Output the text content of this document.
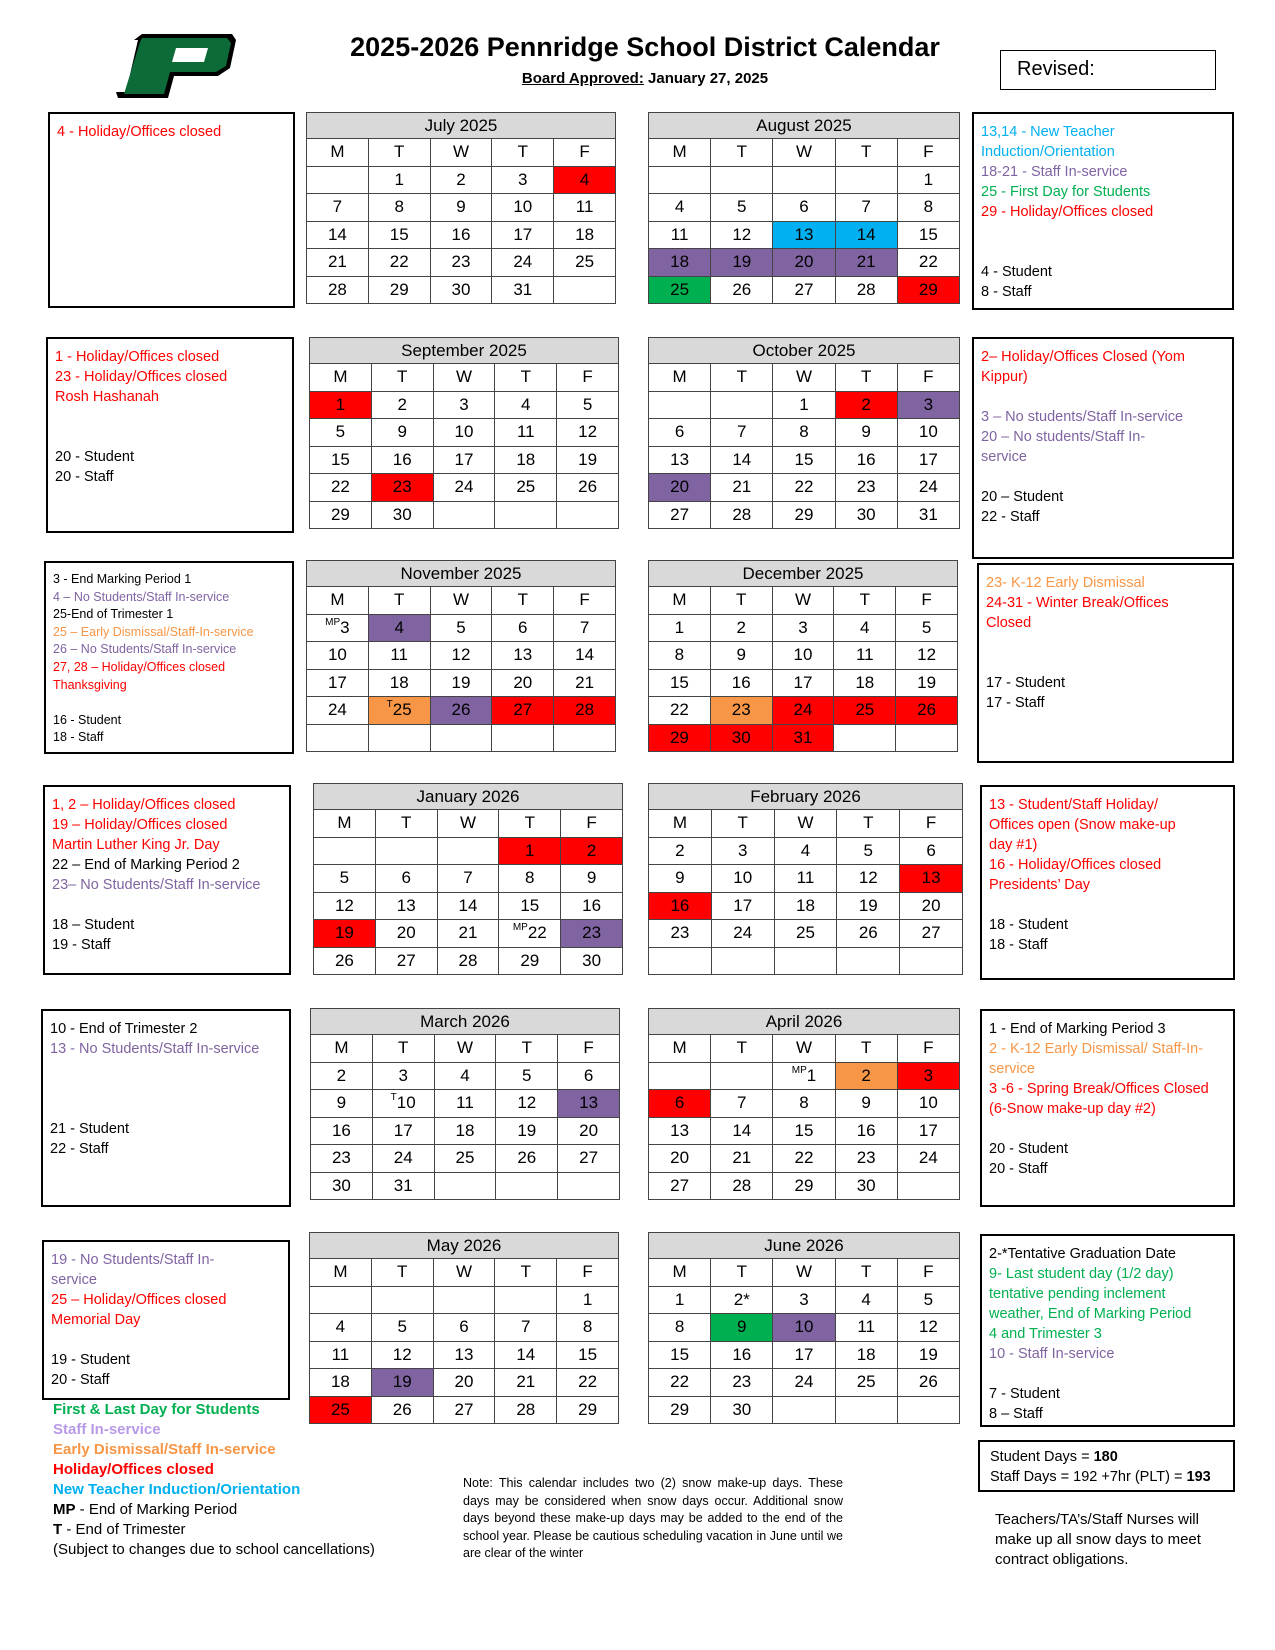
2025-2026 Pennridge School District Calendar
Board Approved: January 27, 2025	Revised:
July 2025				
M	T	W	T	F
	1	2	3	4
7	8	9	10	11
14	15	16	17	18
21	22	23	24	25
28	29	30	31	
August 2025				
M	T	W	T	F
				1
4	5	6	7	8
11	12	13	14	15
18	19	20	21	22
25	26	27	28	29
September 2025				
M	T	W	T	F
1	2	3	4	5
5	9	10	11	12
15	16	17	18	19
22	23	24	25	26
29	30			
October 2025				
M	T	W	T	F
		1	2	3
6	7	8	9	10
13	14	15	16	17
20	21	22	23	24
27	28	29	30	31
November 2025				
M	T	W	T	F
$^{MP}$3	4	5	6	7
10	11	12	13	14
17	18	19	20	21
24	$^T$25	26	27	28

December 2025				
M	T	W	T	F
1	2	3	4	5
8	9	10	11	12
15	16	17	18	19
22	23	24	25	26
29	30	31		
January 2026				
M	T	W	T	F
			1	2
5	6	7	8	9
12	13	14	15	16
19	20	21	$^{MP}$22	23
26	27	28	29	30
February 2026				
M	T	W	T	F
2	3	4	5	6
9	10	11	12	13
16	17	18	19	20
23	24	25	26	27

March 2026				
M	T	W	T	F
2	3	4	5	6
9	$^T$10	11	12	13
16	17	18	19	20
23	24	25	26	27
30	31			
April 2026				
M	T	W	T	F
		$^{MP}$1	2	3
6	7	8	9	10
13	14	15	16	17
20	21	22	23	24
27	28	29	30	
May 2026				
M	T	W	T	F
				1
4	5	6	7	8
11	12	13	14	15
18	19	20	21	22
25	26	27	28	29
June 2026				
M	T	W	T	F
1	2*	3	4	5
8	9	10	11	12
15	16	17	18	19
22	23	24	25	26
29	30			
4 - Holiday/Offices closed	13,14 - New Teacher
Induction/Orientation
18-21 - Staff In-service
25 - First Day for Students
29 - Holiday/Offices closed

4 - Student
8 - Staff
1 - Holiday/Offices closed
23 - Holiday/Offices closed
Rosh Hashanah

20 - Student
20 - Staff
2– Holiday/Offices Closed (Yom
Kippur)

3 – No students/Staff In-service
20 – No students/Staff In-
service

20 – Student
22 - Staff
3 - End Marking Period 1
4 – No Students/Staff In-service
25-End of Trimester 1
25 – Early Dismissal/Staff-In-service
26 – No Students/Staff In-service
27, 28 – Holiday/Offices closed
Thanksgiving

16 - Student
18 - Staff
23- K-12 Early Dismissal
24-31 - Winter Break/Offices
Closed

17 - Student
17 - Staff
1, 2 – Holiday/Offices closed
19 – Holiday/Offices closed
Martin Luther King Jr. Day
22 – End of Marking Period 2
23– No Students/Staff In-service

18 – Student
19 - Staff
13 - Student/Staff Holiday/
Offices open (Snow make-up
day #1)
16 - Holiday/Offices closed
Presidents’ Day

18 - Student
18 - Staff
10 - End of Trimester 2
13 - No Students/Staff In-service

21 - Student
22 - Staff
1 - End of Marking Period 3
2 - K-12 Early Dismissal/ Staff-In-
service
3 -6 - Spring Break/Offices Closed
(6-Snow make-up day #2)

20 - Student
20 - Staff
19 - No Students/Staff In-
service
25 – Holiday/Offices closed
Memorial Day

19 - Student
20 - Staff
2-*Tentative Graduation Date
9- Last student day (1/2 day)
tentative pending inclement
weather, End of Marking Period
4 and Trimester 3
10 - Staff In-service

7 - Student
8 – Staff
First & Last Day for Students
Staff In-service
Early Dismissal/Staff In-service
Holiday/Offices closed
New Teacher Induction/Orientation
MP - End of Marking Period
T - End of Trimester
(Subject to changes due to school cancellations)
Note: This calendar includes two (2) snow make-up days. These days may be considered when snow days occur. Additional snow days beyond these make-up days may be added to the end of the school year. Please be cautious scheduling vacation in June until we are clear of the winter
Student Days = 180
Staff Days = 192 +7hr (PLT) = 193
Teachers/TA’s/Staff Nurses will make up all snow days to meet contract obligations.
